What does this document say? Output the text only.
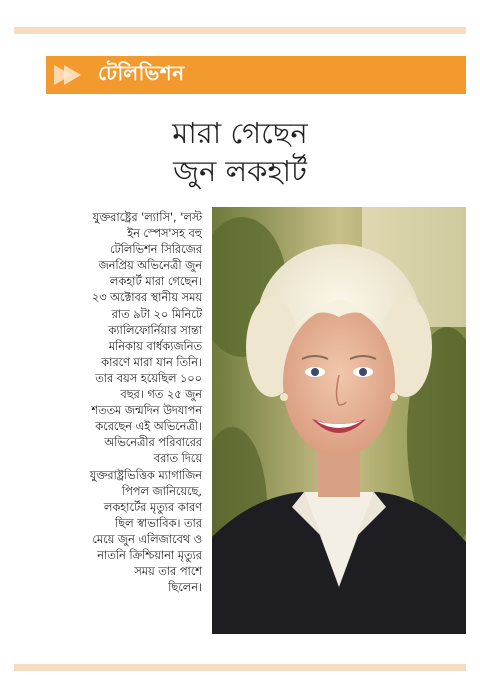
টেলিভিশন
মারা গেছেন
জুন লকহার্ট
যুক্তরাষ্ট্রের 'ল্যাসি', 'লস্ট
ইন স্পেস'সহ বহু
টেলিভিশন সিরিজের
জনপ্রিয় অভিনেত্রী জুন
লকহার্ট মারা গেছেন।
২৩ অক্টোবর স্থানীয় সময়
রাত ৯টা ২০ মিনিটে
ক্যালিফোর্নিয়ার সান্তা
মনিকায় বার্ধক্যজনিত
কারণে মারা যান তিনি।
তার বয়স হয়েছিল ১০০
বছর। গত ২৫ জুন
শততম জন্মদিন উদযাপন
করেছেন এই অভিনেত্রী।
অভিনেত্রীর পরিবারের
বরাত দিয়ে
যুক্তরাষ্ট্রভিত্তিক ম্যাগাজিন
পিপল জানিয়েছে,
লকহার্টের মৃত্যুর কারণ
ছিল স্বাভাবিক। তার
মেয়ে জুন এলিজাবেথ ও
নাতনি ক্রিশ্চিয়ানা মৃত্যুর
সময় তার পাশে
ছিলেন।
